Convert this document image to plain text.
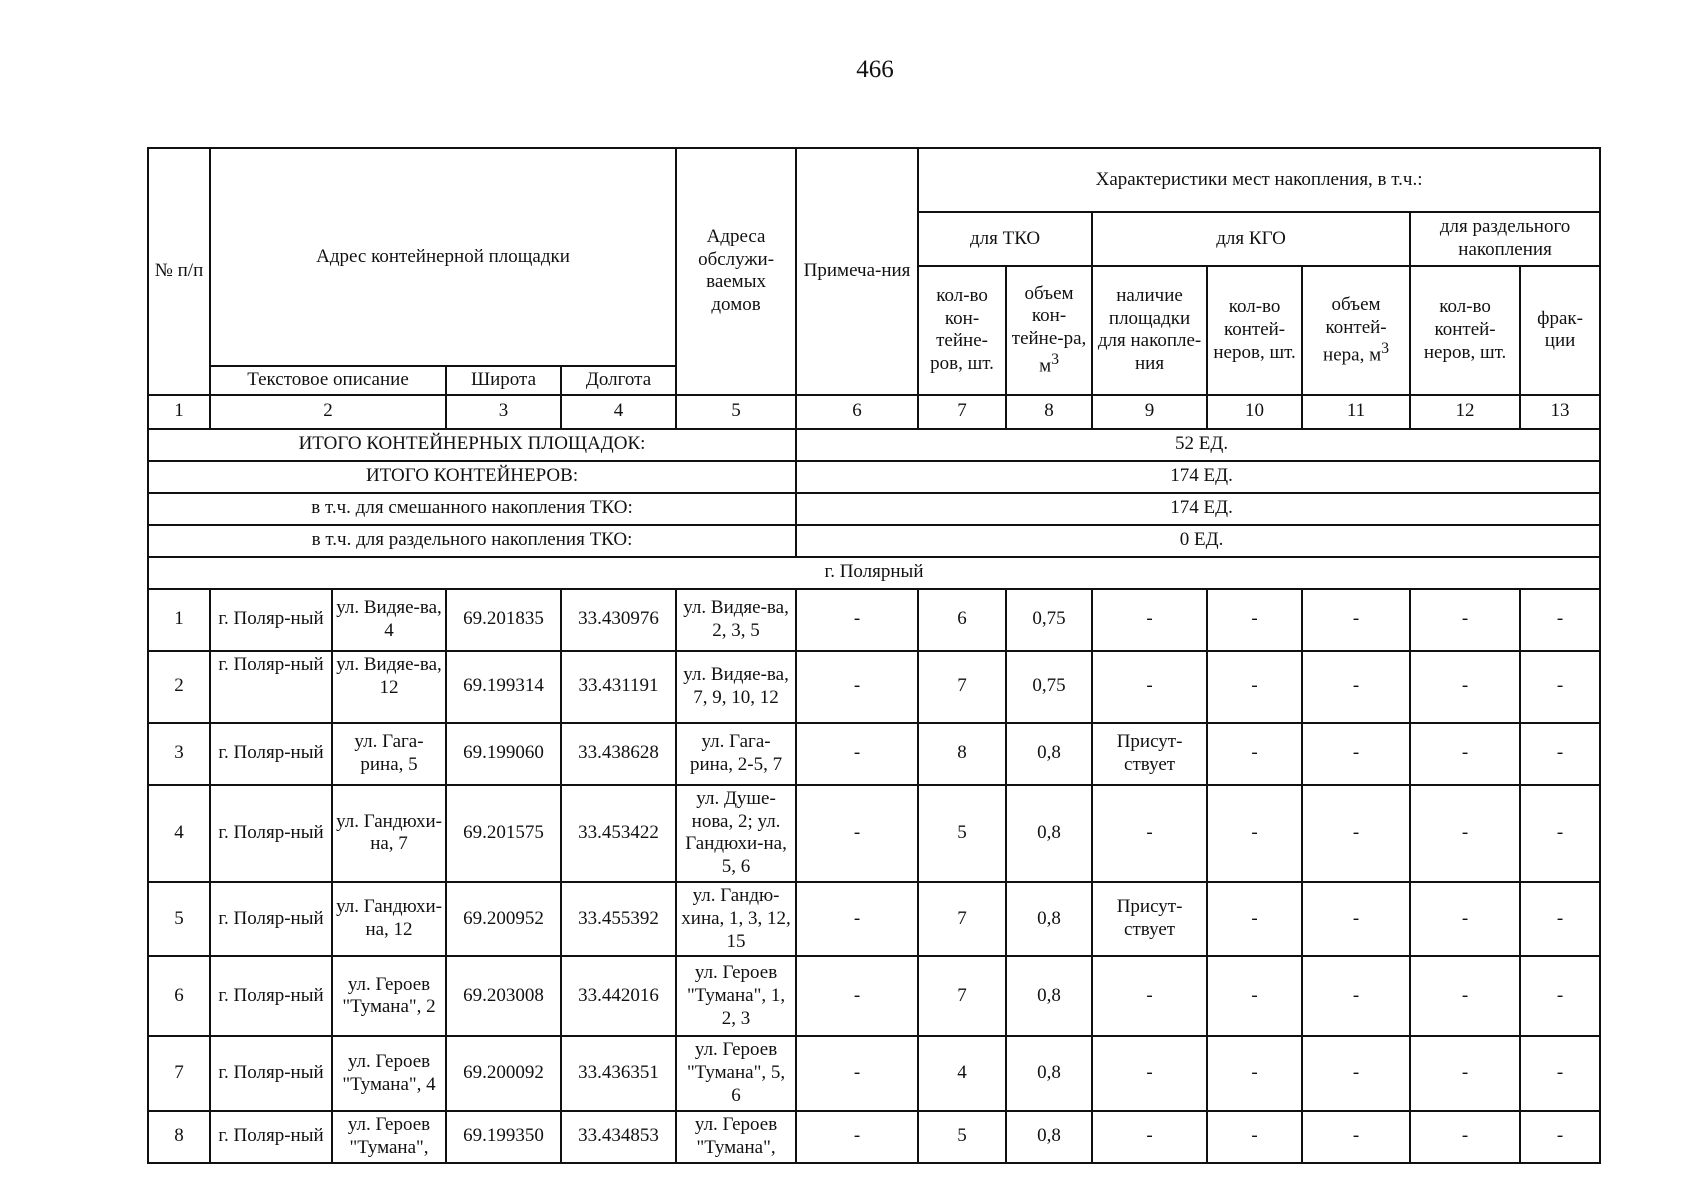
466
№ п/п	Адрес контейнерной площадки				Адреса обслужи-ваемых домов	Примеча-ния	Характеристики мест накопления, в т.ч.:						
							для ТКО		для КГО			для раздельного накопления	
							кол-во кон-тейне-ров, шт.	объем кон-тейне-ра, $м^3$	наличие площадки для накопле-ния	кол-во контей-неров, шт.	объем контей-нера, $м^3$	кол-во контей-неров, шт.	фрак-ции
	Текстовое описание		Широта	Долгота									
1	2		3	4	5	6	7	8	9	10	11	12	13
ИТОГО КОНТЕЙНЕРНЫХ ПЛОЩАДОК:						52 ЕД.							
ИТОГО КОНТЕЙНЕРОВ:						174 ЕД.							
в т.ч. для смешанного накопления ТКО:						174 ЕД.							
в т.ч. для раздельного накопления ТКО:						0 ЕД.							
г. Полярный													
1	г. Поляр-ный	ул. Видяе-ва, 4	69.201835	33.430976	ул. Видяе-ва, 2, 3, 5	-	6	0,75	-	-	-	-	-
2	г. Поляр-ный	ул. Видяе-ва, 12	69.199314	33.431191	ул. Видяе-ва, 7, 9, 10, 12	-	7	0,75	-	-	-	-	-
3	г. Поляр-ный	ул. Гага-рина, 5	69.199060	33.438628	ул. Гага-рина, 2-5, 7	-	8	0,8	Присут-ствует	-	-	-	-
4	г. Поляр-ный	ул. Гандюхи-на, 7	69.201575	33.453422	ул. Душе-нова, 2; ул. Гандюхи-на, 5, 6	-	5	0,8	-	-	-	-	-
5	г. Поляр-ный	ул. Гандюхи-на, 12	69.200952	33.455392	ул. Гандю-хина, 1, 3, 12, 15	-	7	0,8	Присут-ствует	-	-	-	-
6	г. Поляр-ный	ул. Героев "Тумана", 2	69.203008	33.442016	ул. Героев "Тумана", 1, 2, 3	-	7	0,8	-	-	-	-	-
7	г. Поляр-ный	ул. Героев "Тумана", 4	69.200092	33.436351	ул. Героев "Тумана", 5, 6	-	4	0,8	-	-	-	-	-
8	г. Поляр-ный	ул. Героев "Тумана",	69.199350	33.434853	ул. Героев "Тумана",	-	5	0,8	-	-	-	-	-
